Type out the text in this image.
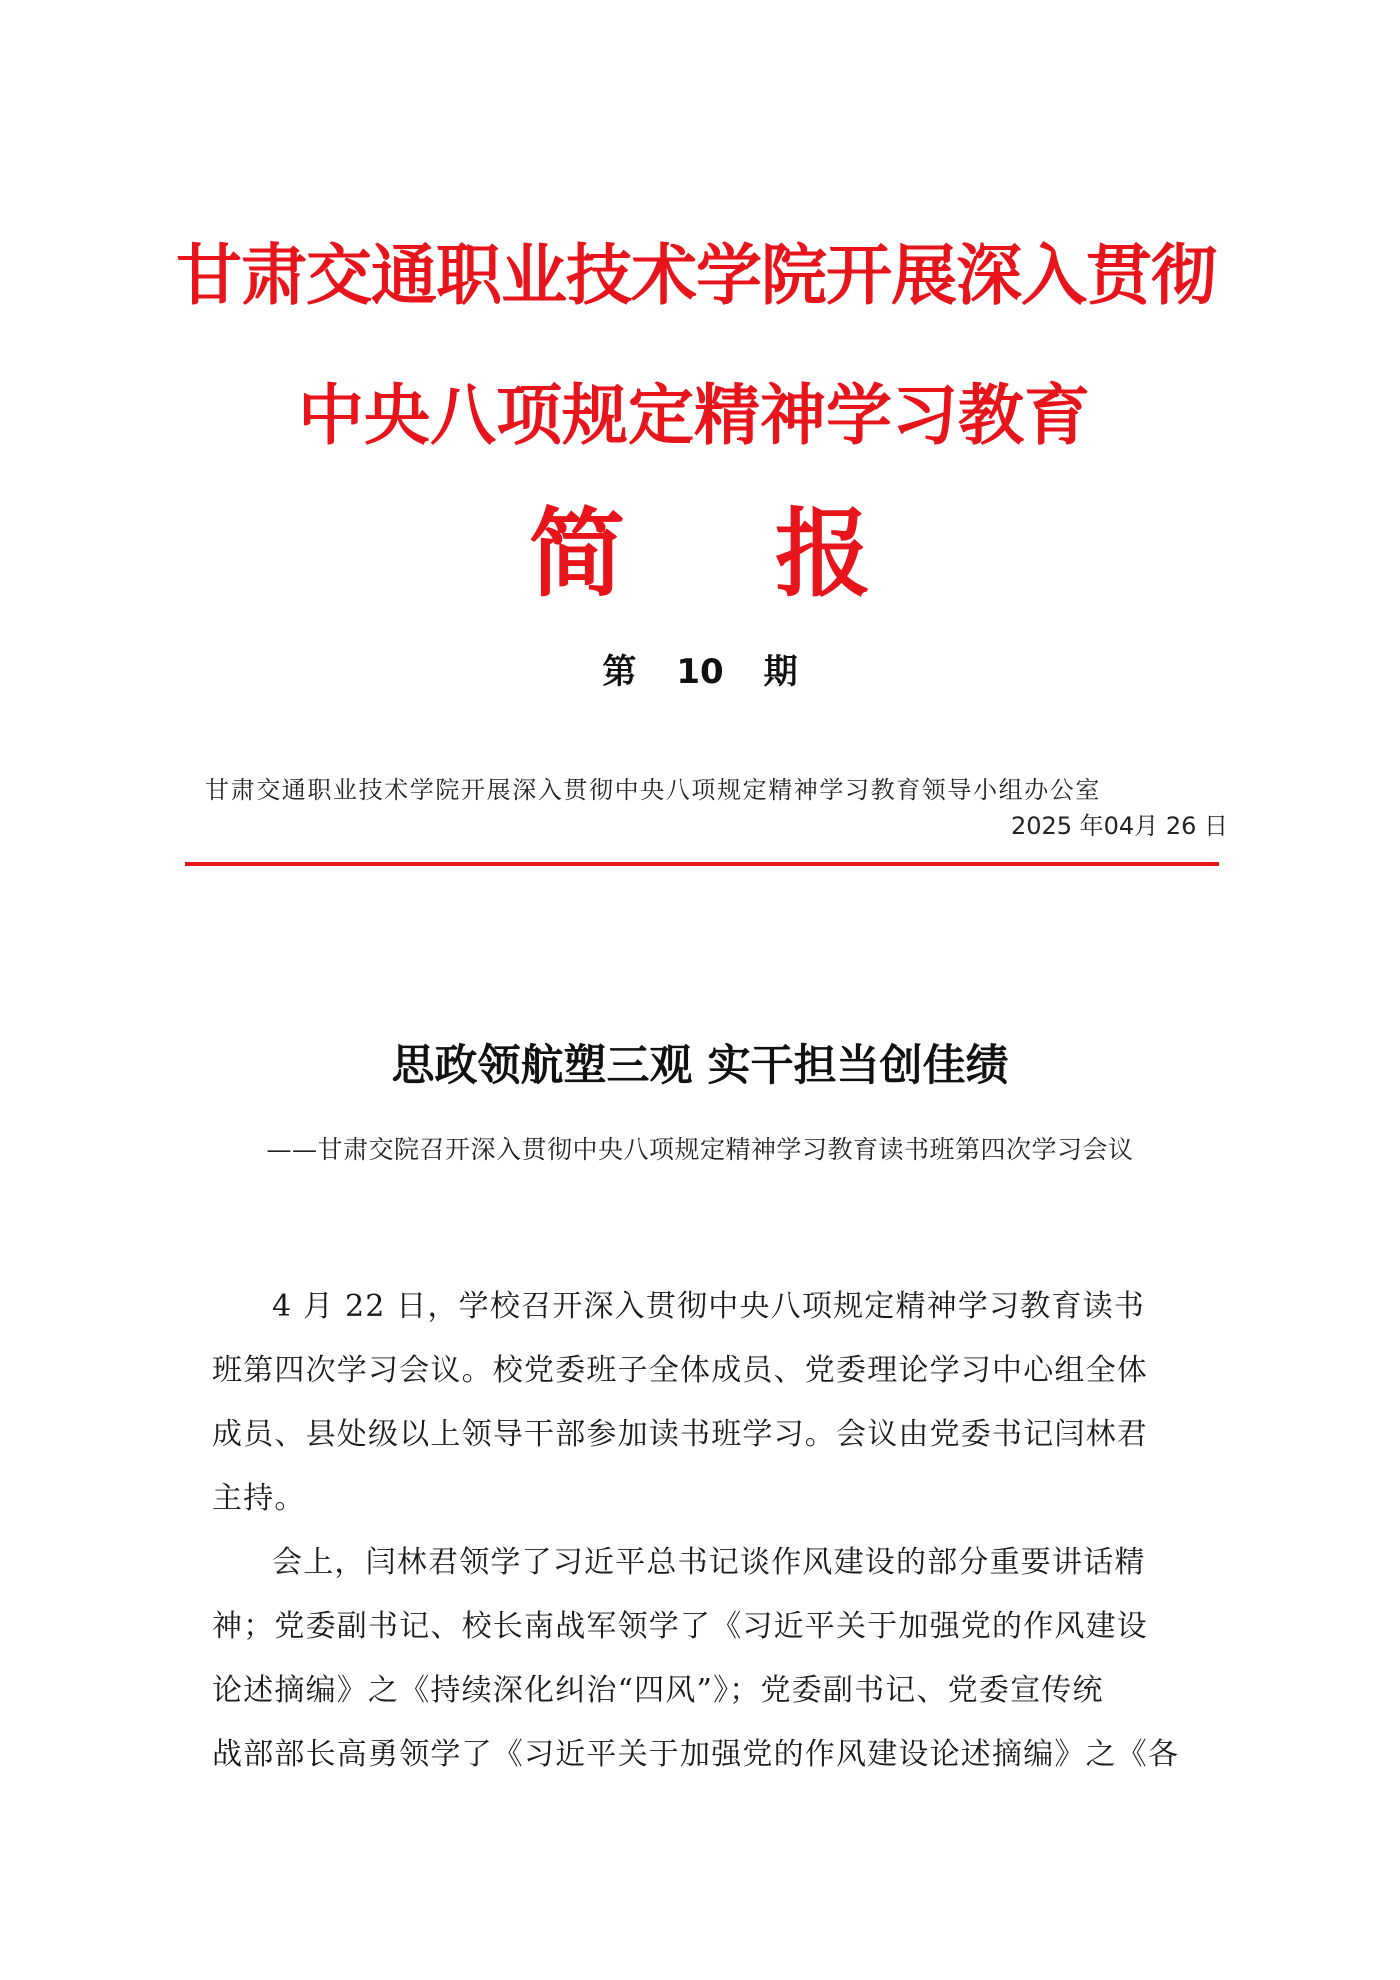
甘肃交通职业技术学院开展深入贯彻
中央八项规定精神学习教育
简 报
第 10 期
甘肃交通职业技术学院开展深入贯彻中央八项规定精神学习教育领导小组办公室
2025 年04月 26 日
思政领航塑三观 实干担当创佳绩
——甘肃交院召开深入贯彻中央八项规定精神学习教育读书班第四次学习会议
4 月 22 日，学校召开深入贯彻中央八项规定精神学习教育读书
班第四次学习会议。校党委班子全体成员、党委理论学习中心组全体
成员、县处级以上领导干部参加读书班学习。会议由党委书记闫林君
主持。
会上，闫林君领学了习近平总书记谈作风建设的部分重要讲话精
神；党委副书记、校长南战军领学了《习近平关于加强党的作风建设
论述摘编》之《持续深化纠治“四风”》；党委副书记、党委宣传统
战部部长高勇领学了《习近平关于加强党的作风建设论述摘编》之《各
